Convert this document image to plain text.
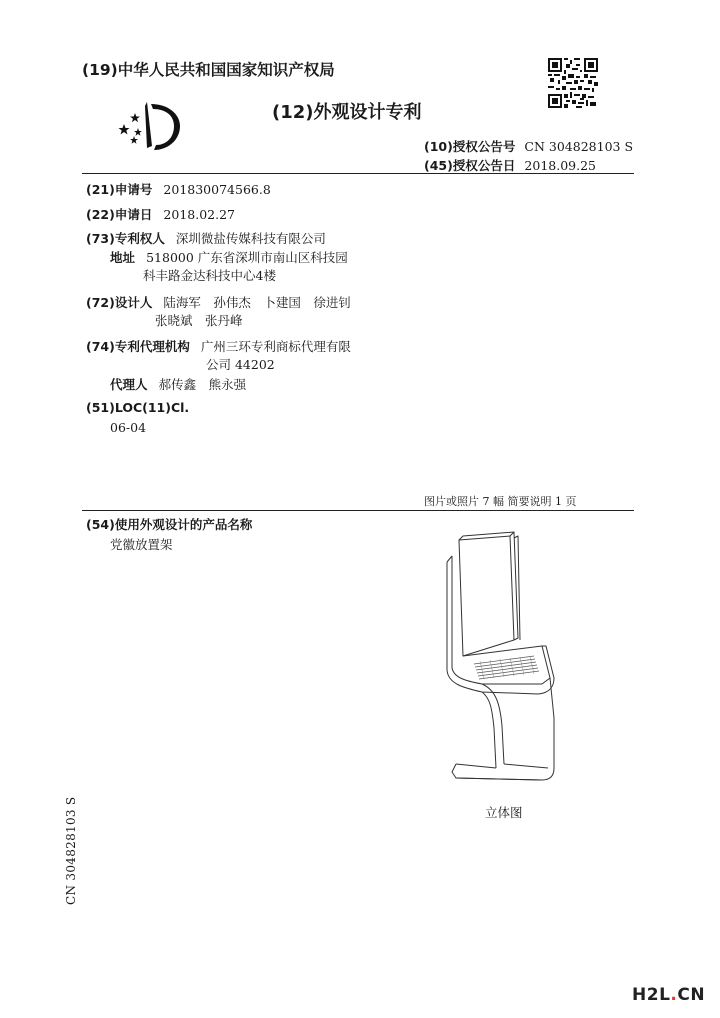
(19)中华人民共和国国家知识产权局
(12)外观设计专利
(10)授权公告号 CN 304828103 S
(45)授权公告日 2018.09.25
(21)申请号 201830074566.8
(22)申请日 2018.02.27
(73)专利权人 深圳微盐传媒科技有限公司
地址 518000 广东省深圳市南山区科技园
科丰路金达科技中心4楼
(72)设计人 陆海军　孙伟杰　卜建国　徐进钊
张晓斌　张丹峰
(74)专利代理机构 广州三环专利商标代理有限
公司 44202
代理人 郝传鑫　熊永强
(51)LOC(11)Cl.
06-04
图片或照片 7 幅 简要说明 1 页
(54)使用外观设计的产品名称
党徽放置架
立体图
CN 304828103 S
H2L.CN
